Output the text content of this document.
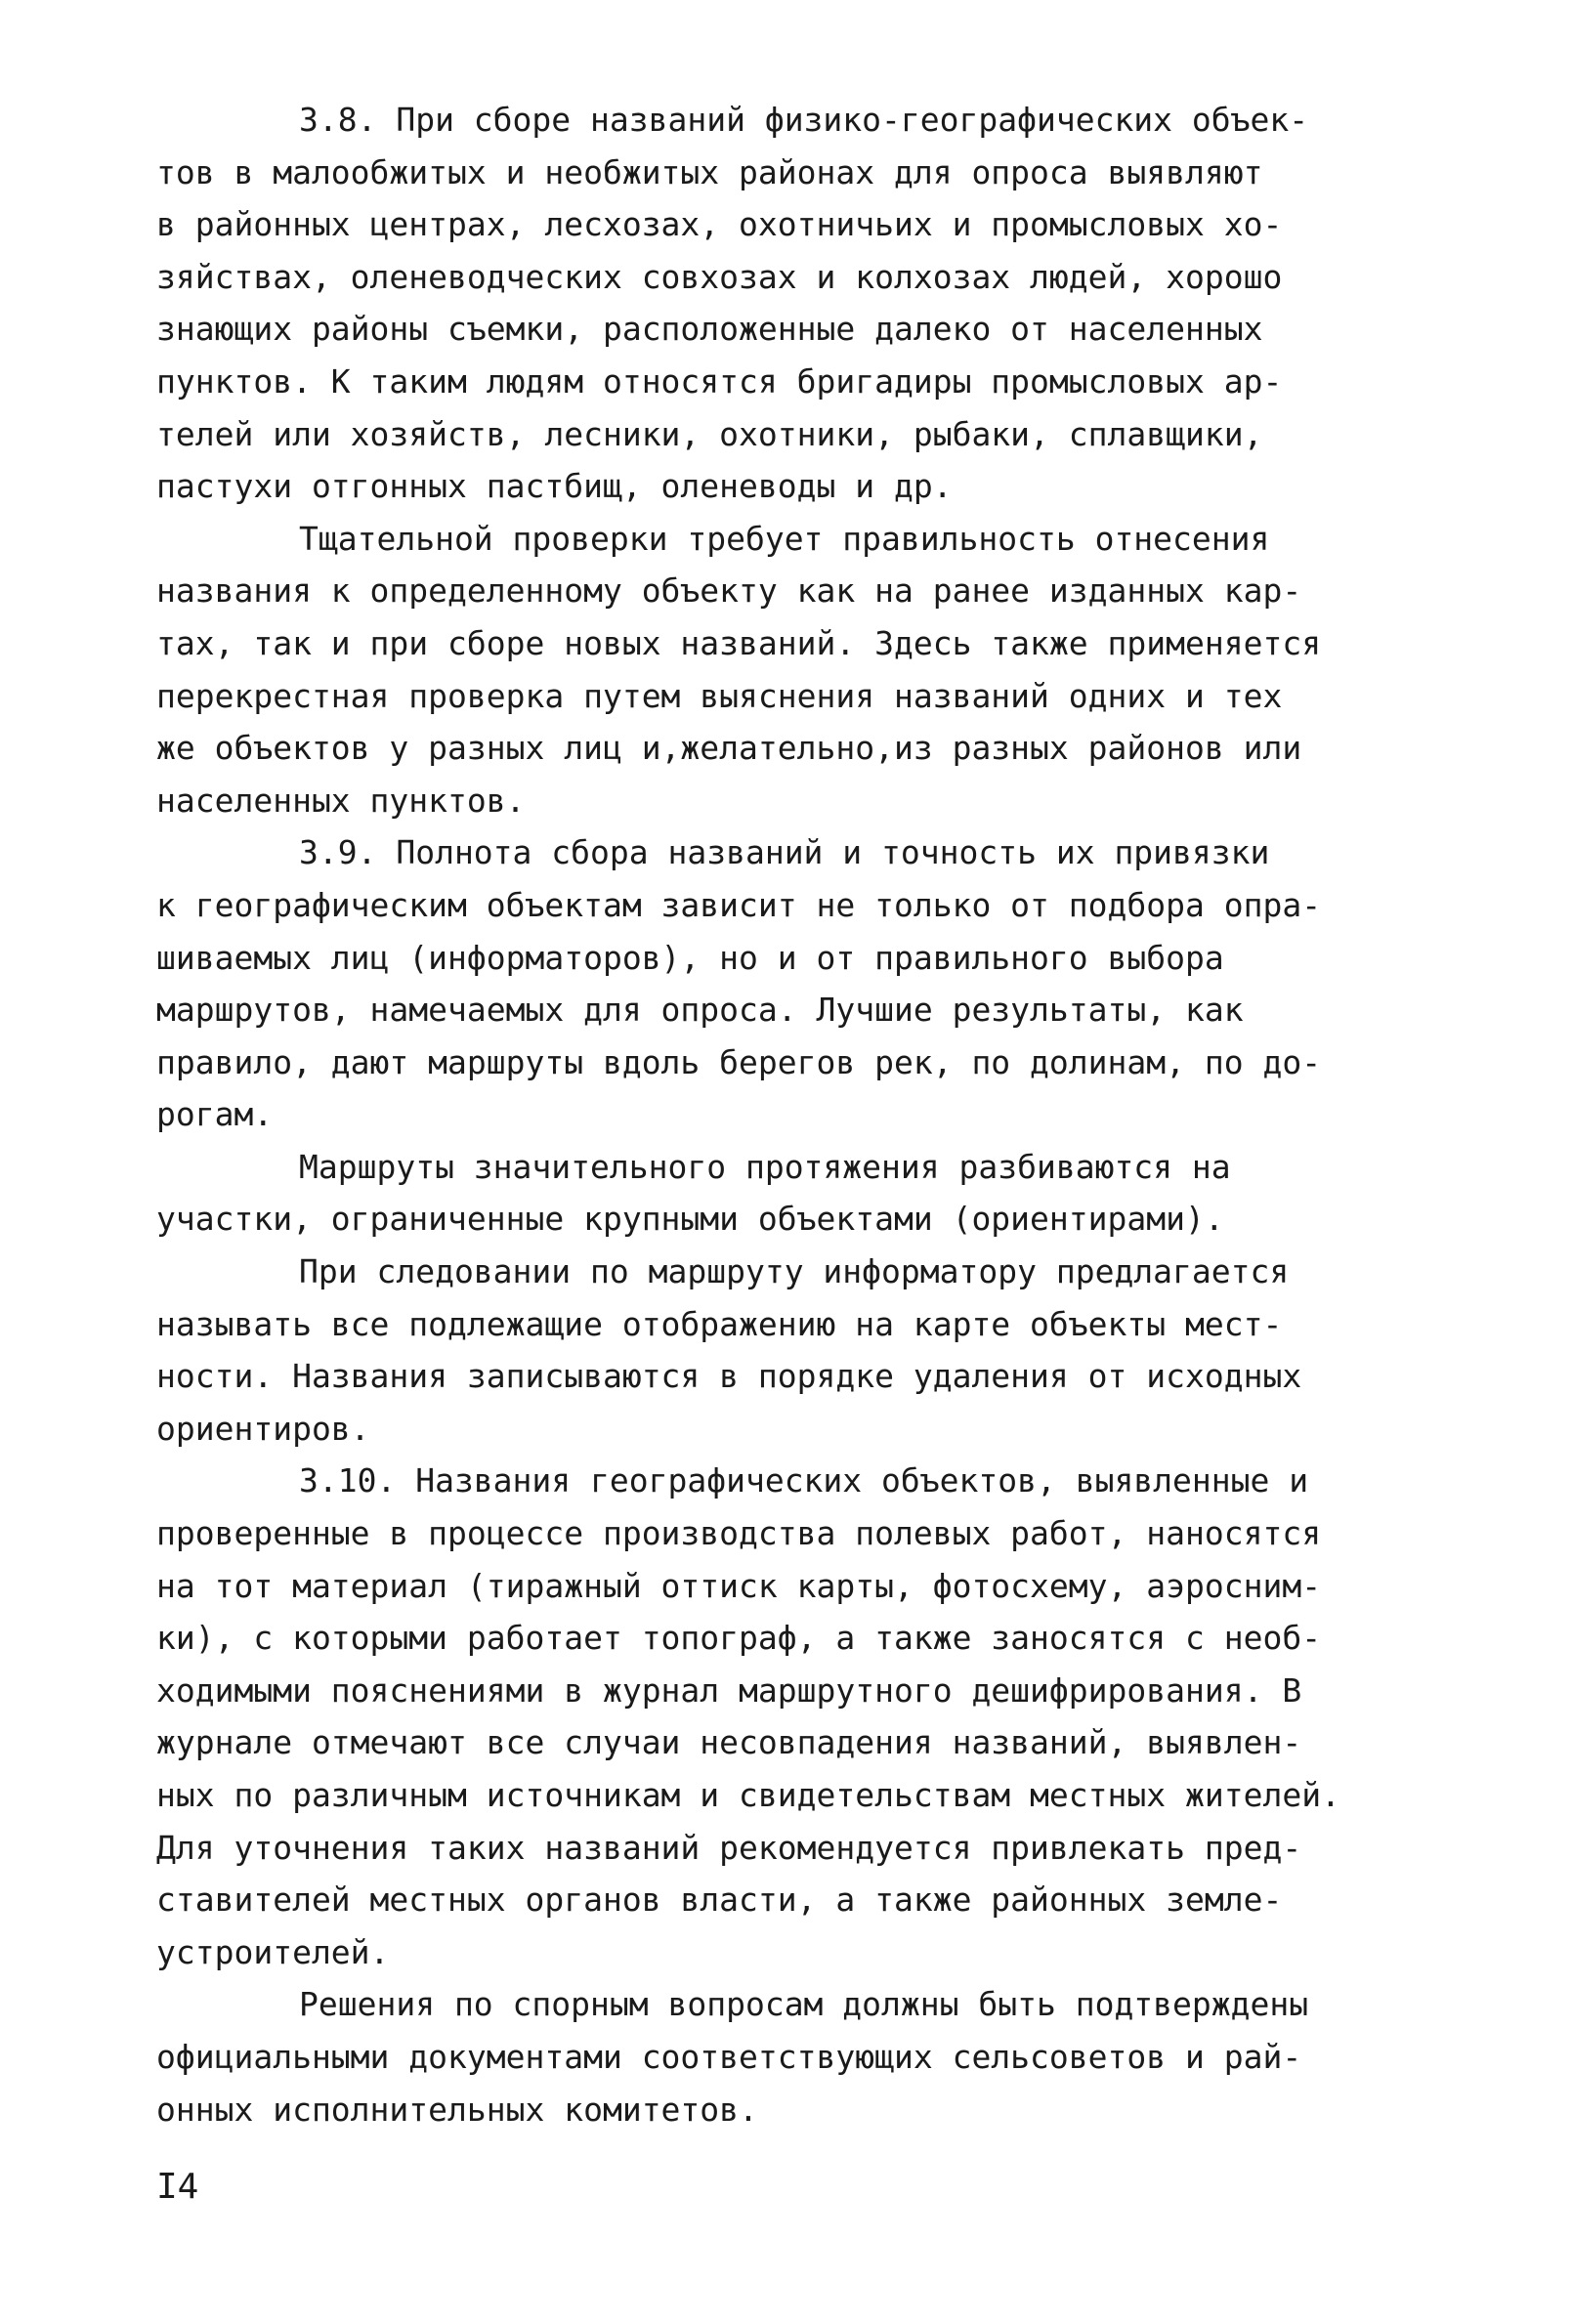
3.8. При сборе названий физико-географических объек-
тов в малообжитых и необжитых районах для опроса выявляют
в районных центрах, лесхозах, охотничьих и промысловых хо-
зяйствах, оленеводческих совхозах и колхозах людей, хорошо
знающих районы съемки, расположенные далеко от населенных
пунктов. К таким людям относятся бригадиры промысловых ар-
телей или хозяйств, лесники, охотники, рыбаки, сплавщики,
пастухи отгонных пастбищ, оленеводы и др.
Тщательной проверки требует правильность отнесения
названия к определенному объекту как на ранее изданных кар-
тах, так и при сборе новых названий. Здесь также применяется
перекрестная проверка путем выяснения названий одних и тех
же объектов у разных лиц и,желательно,из разных районов или
населенных пунктов.
3.9. Полнота сбора названий и точность их привязки
к географическим объектам зависит не только от подбора опра-
шиваемых лиц (информаторов), но и от правильного выбора
маршрутов, намечаемых для опроса. Лучшие результаты, как
правило, дают маршруты вдоль берегов рек, по долинам, по до-
рогам.
Маршруты значительного протяжения разбиваются на
участки, ограниченные крупными объектами (ориентирами).
При следовании по маршруту информатору предлагается
называть все подлежащие отображению на карте объекты мест-
ности. Названия записываются в порядке удаления от исходных
ориентиров.
3.10. Названия географических объектов, выявленные и
проверенные в процессе производства полевых работ, наносятся
на тот материал (тиражный оттиск карты, фотосхему, аэросним-
ки), с которыми работает топограф, а также заносятся с необ-
ходимыми пояснениями в журнал маршрутного дешифрирования. В
журнале отмечают все случаи несовпадения названий, выявлен-
ных по различным источникам и свидетельствам местных жителей.
Для уточнения таких названий рекомендуется привлекать пред-
ставителей местных органов власти, а также районных земле-
устроителей.
Решения по спорным вопросам должны быть подтверждены
официальными документами соответствующих сельсоветов и рай-
онных исполнительных комитетов.
I4
